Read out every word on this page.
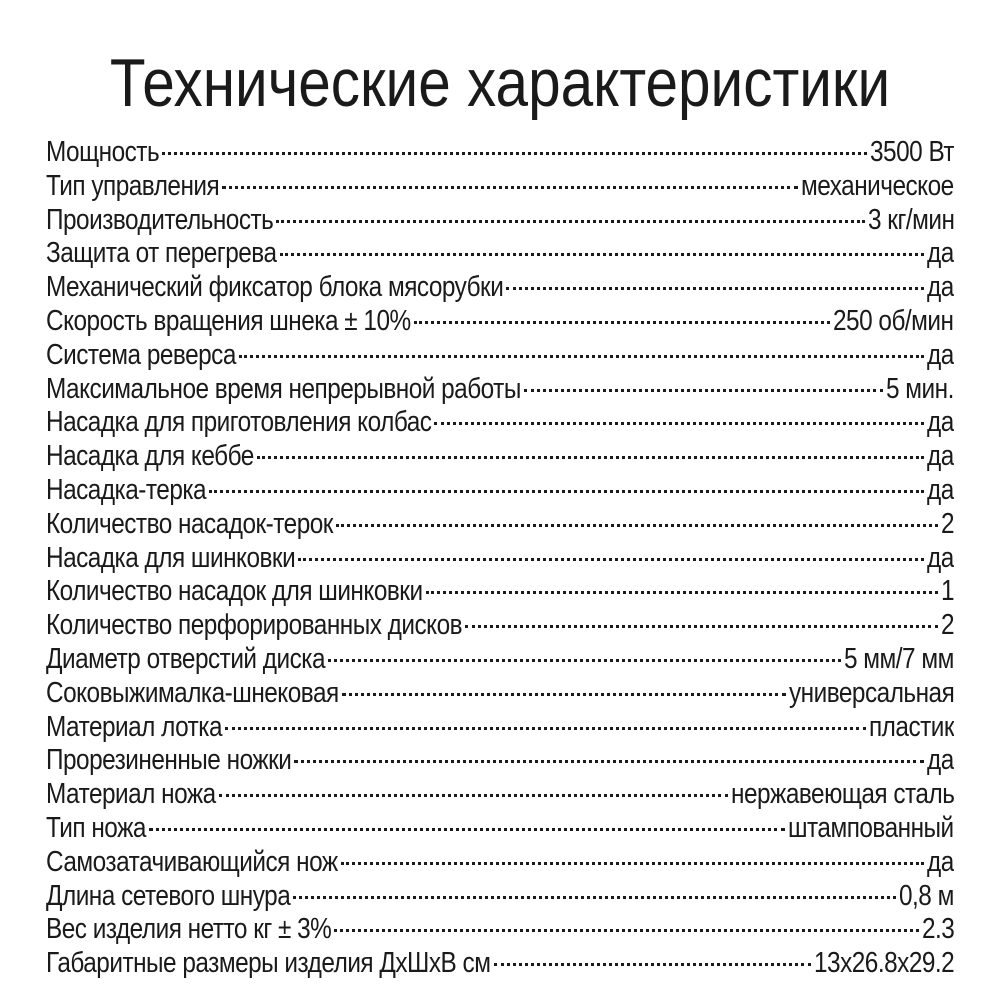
Технические характеристики
Мощность	3500 Вт
Тип управления	механическое
Производительность	3 кг/мин
Защита от перегрева	да
Механический фиксатор блока мясорубки	да
Скорость вращения шнека ± 10%	250 об/мин
Система реверса	да
Максимальное время непрерывной работы	5 мин.
Насадка для приготовления колбас	да
Насадка для кеббе	да
Насадка-терка	да
Количество насадок-терок	2
Насадка для шинковки	да
Количество насадок для шинковки	1
Количество перфорированных дисков	2
Диаметр отверстий диска	5 мм/7 мм
Соковыжималка-шнековая	универсальная
Материал лотка	пластик
Прорезиненные ножки	да
Материал ножа	нержавеющая сталь
Тип ножа	штампованный
Самозатачивающийся нож	да
Длина сетевого шнура	0,8 м
Вес изделия нетто кг ± 3%	2.3
Габаритные размеры изделия ДхШхВ см	13х26.8х29.2
